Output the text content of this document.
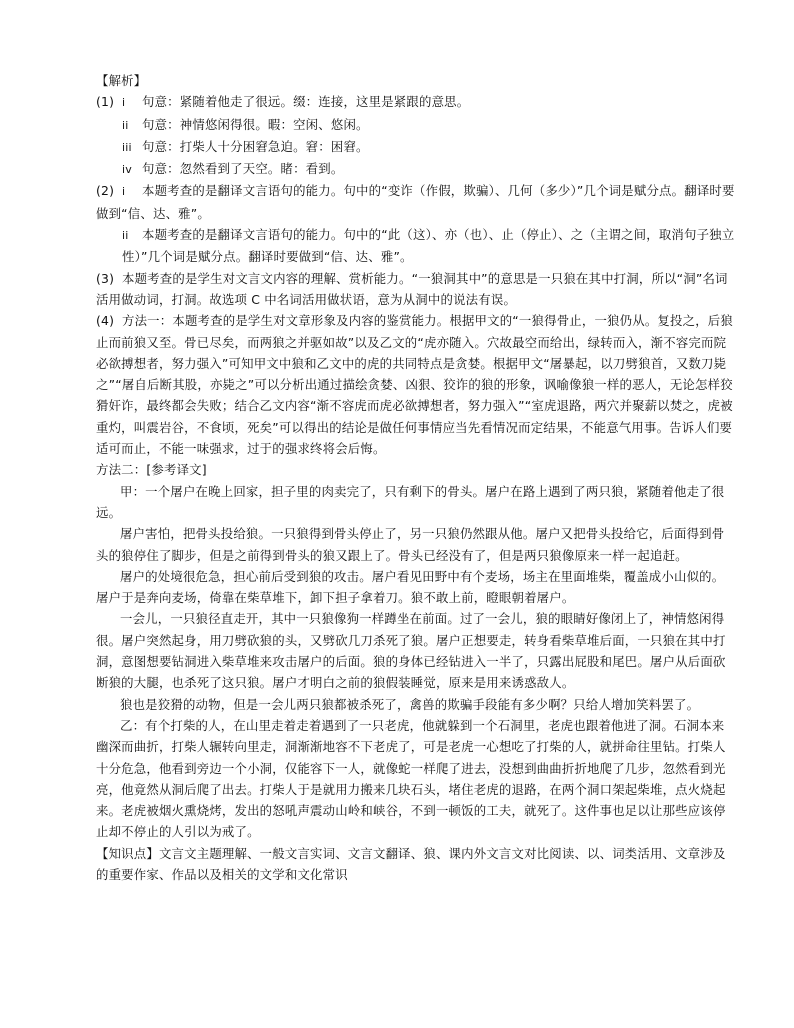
【解析】
(1) i 句意：紧随着他走了很远。缀：连接，这里是紧跟的意思。
ii 句意：神情悠闲得很。暇：空闲、悠闲。
iii 句意：打柴人十分困窘急迫。窘：困窘。
iv 句意：忽然看到了天空。睹：看到。
(2) i 本题考查的是翻译文言语句的能力。句中的“变诈（作假，欺骗）、几何（多少）”几个词是赋分点。翻译时要做到“信、达、雅”。
ii 本题考查的是翻译文言语句的能力。句中的“此（这）、亦（也）、止（停止）、之（主谓之间，取消句子独立性）”几个词是赋分点。翻译时要做到“信、达、雅”。
(3) 本题考查的是学生对文言文内容的理解、赏析能力。“一狼洞其中”的意思是一只狼在其中打洞，所以“洞”名词活用做动词，打洞。故选项 C 中名词活用做状语，意为从洞中的说法有误。
(4) 方法一：本题考查的是学生对文章形象及内容的鉴赏能力。根据甲文的“一狼得骨止，一狼仍从。复投之，后狼止而前狼又至。骨已尽矣，而两狼之并驱如故”以及乙文的“虎亦随入。穴故最空而给出，绿转而入，渐不容完而院必欲搏想者，努力强入”可知甲文中狼和乙文中的虎的共同特点是贪婪。根据甲文“屠暴起，以刀劈狼首，又数刀毙之”“屠自后断其股，亦毙之”可以分析出通过描绘贪婪、凶狠、狡诈的狼的形象，讽喻像狼一样的恶人，无论怎样狡猾奸诈，最终都会失败；结合乙文内容“渐不容虎而虎必欲搏想者，努力强入”“室虎退路，两穴并聚薪以焚之，虎被重灼，叫震岩谷，不食顷，死矣”可以得出的结论是做任何事情应当先看情况而定结果，不能意气用事。告诉人们要适可而止，不能一味强求，过于的强求终将会后悔。
方法二：[参考译文]
甲：一个屠户在晚上回家，担子里的肉卖完了，只有剩下的骨头。屠户在路上遇到了两只狼，紧随着他走了很远。
屠户害怕，把骨头投给狼。一只狼得到骨头停止了，另一只狼仍然跟从他。屠户又把骨头投给它，后面得到骨头的狼停住了脚步，但是之前得到骨头的狼又跟上了。骨头已经没有了，但是两只狼像原来一样一起追赶。
屠户的处境很危急，担心前后受到狼的攻击。屠户看见田野中有个麦场，场主在里面堆柴，覆盖成小山似的。屠户于是奔向麦场，倚靠在柴草堆下，卸下担子拿着刀。狼不敢上前，瞪眼朝着屠户。
一会儿，一只狼径直走开，其中一只狼像狗一样蹲坐在前面。过了一会儿，狼的眼睛好像闭上了，神情悠闲得很。屠户突然起身，用刀劈砍狼的头，又劈砍几刀杀死了狼。屠户正想要走，转身看柴草堆后面，一只狼在其中打洞，意图想要钻洞进入柴草堆来攻击屠户的后面。狼的身体已经钻进入一半了，只露出屁股和尾巴。屠户从后面砍断狼的大腿，也杀死了这只狼。屠户才明白之前的狼假装睡觉，原来是用来诱惑敌人。
狼也是狡猾的动物，但是一会儿两只狼都被杀死了，禽兽的欺骗手段能有多少啊？只给人增加笑料罢了。
乙：有个打柴的人，在山里走着走着遇到了一只老虎，他就躲到一个石洞里，老虎也跟着他进了洞。石洞本来幽深而曲折，打柴人辗转向里走，洞渐渐地容不下老虎了，可是老虎一心想吃了打柴的人，就拼命往里钻。打柴人十分危急，他看到旁边一个小洞，仅能容下一人，就像蛇一样爬了进去，没想到曲曲折折地爬了几步，忽然看到光亮，他竟然从洞后爬了出去。打柴人于是就用力搬来几块石头，堵住老虎的退路，在两个洞口架起柴堆，点火烧起来。老虎被烟火熏烧烤，发出的怒吼声震动山岭和峡谷，不到一顿饭的工夫，就死了。这件事也足以让那些应该停止却不停止的人引以为戒了。
【知识点】文言文主题理解、一般文言实词、文言文翻译、狼、课内外文言文对比阅读、以、词类活用、文章涉及的重要作家、作品以及相关的文学和文化常识
